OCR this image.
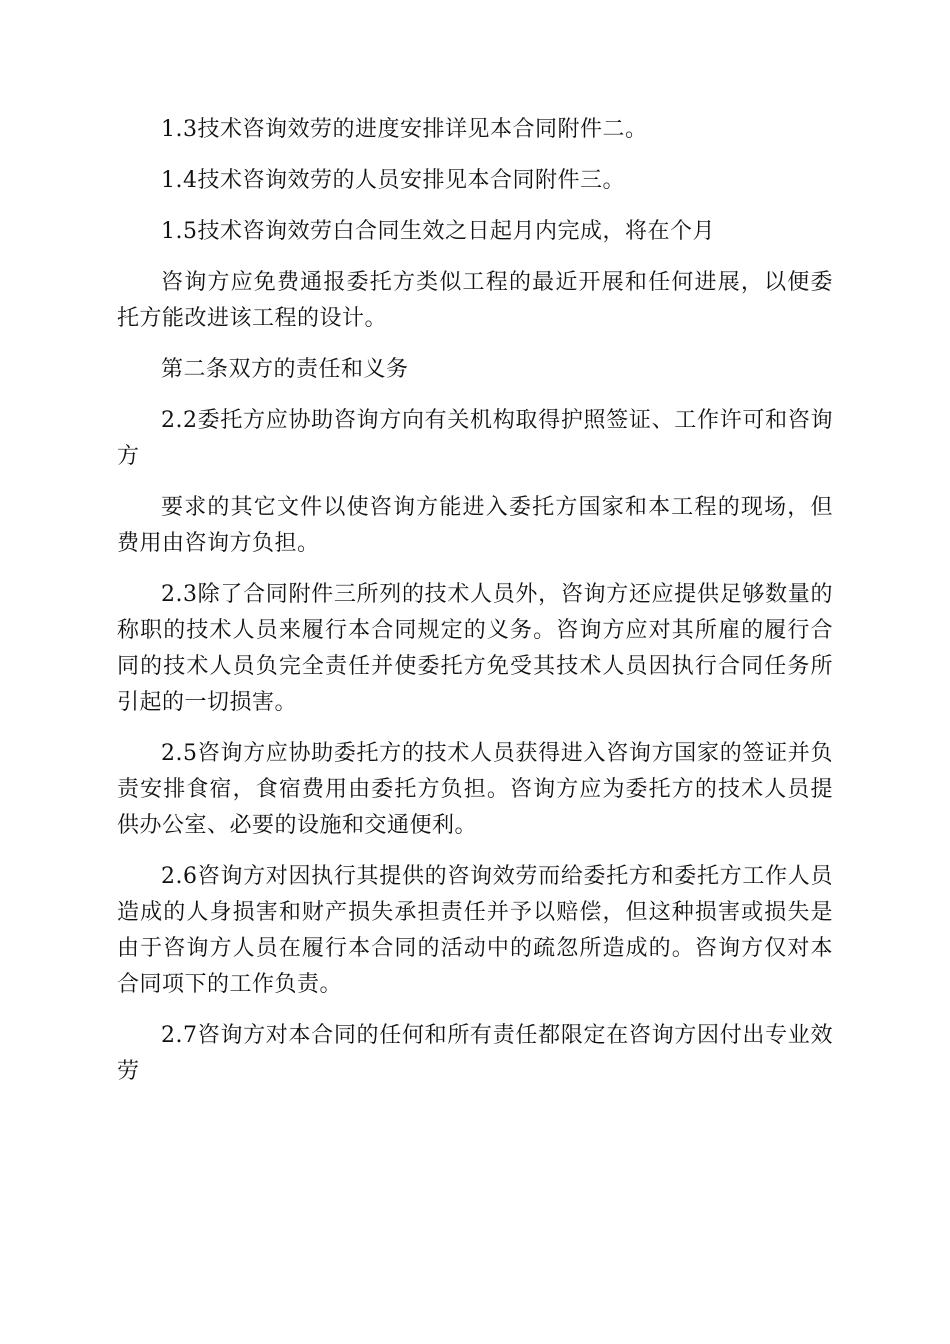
1.3技术咨询效劳的进度安排详见本合同附件二。

1.4技术咨询效劳的人员安排见本合同附件三。

1.5技术咨询效劳白合同生效之日起月内完成，将在个月

咨询方应免费通报委托方类似工程的最近开展和任何进展，以便委托方能改进该工程的设计。

第二条双方的责任和义务

2.2委托方应协助咨询方向有关机构取得护照签证、工作许可和咨询方

要求的其它文件以使咨询方能进入委托方国家和本工程的现场，但费用由咨询方负担。

2.3除了合同附件三所列的技术人员外，咨询方还应提供足够数量的称职的技术人员来履行本合同规定的义务。咨询方应对其所雇的履行合同的技术人员负完全责任并使委托方免受其技术人员因执行合同任务所引起的一切损害。

2.5咨询方应协助委托方的技术人员获得进入咨询方国家的签证并负责安排食宿，食宿费用由委托方负担。咨询方应为委托方的技术人员提供办公室、必要的设施和交通便利。

2.6咨询方对因执行其提供的咨询效劳而给委托方和委托方工作人员造成的人身损害和财产损失承担责任并予以赔偿，但这种损害或损失是由于咨询方人员在履行本合同的活动中的疏忽所造成的。咨询方仅对本合同项下的工作负责。

2.7咨询方对本合同的任何和所有责任都限定在咨询方因付出专业效劳
